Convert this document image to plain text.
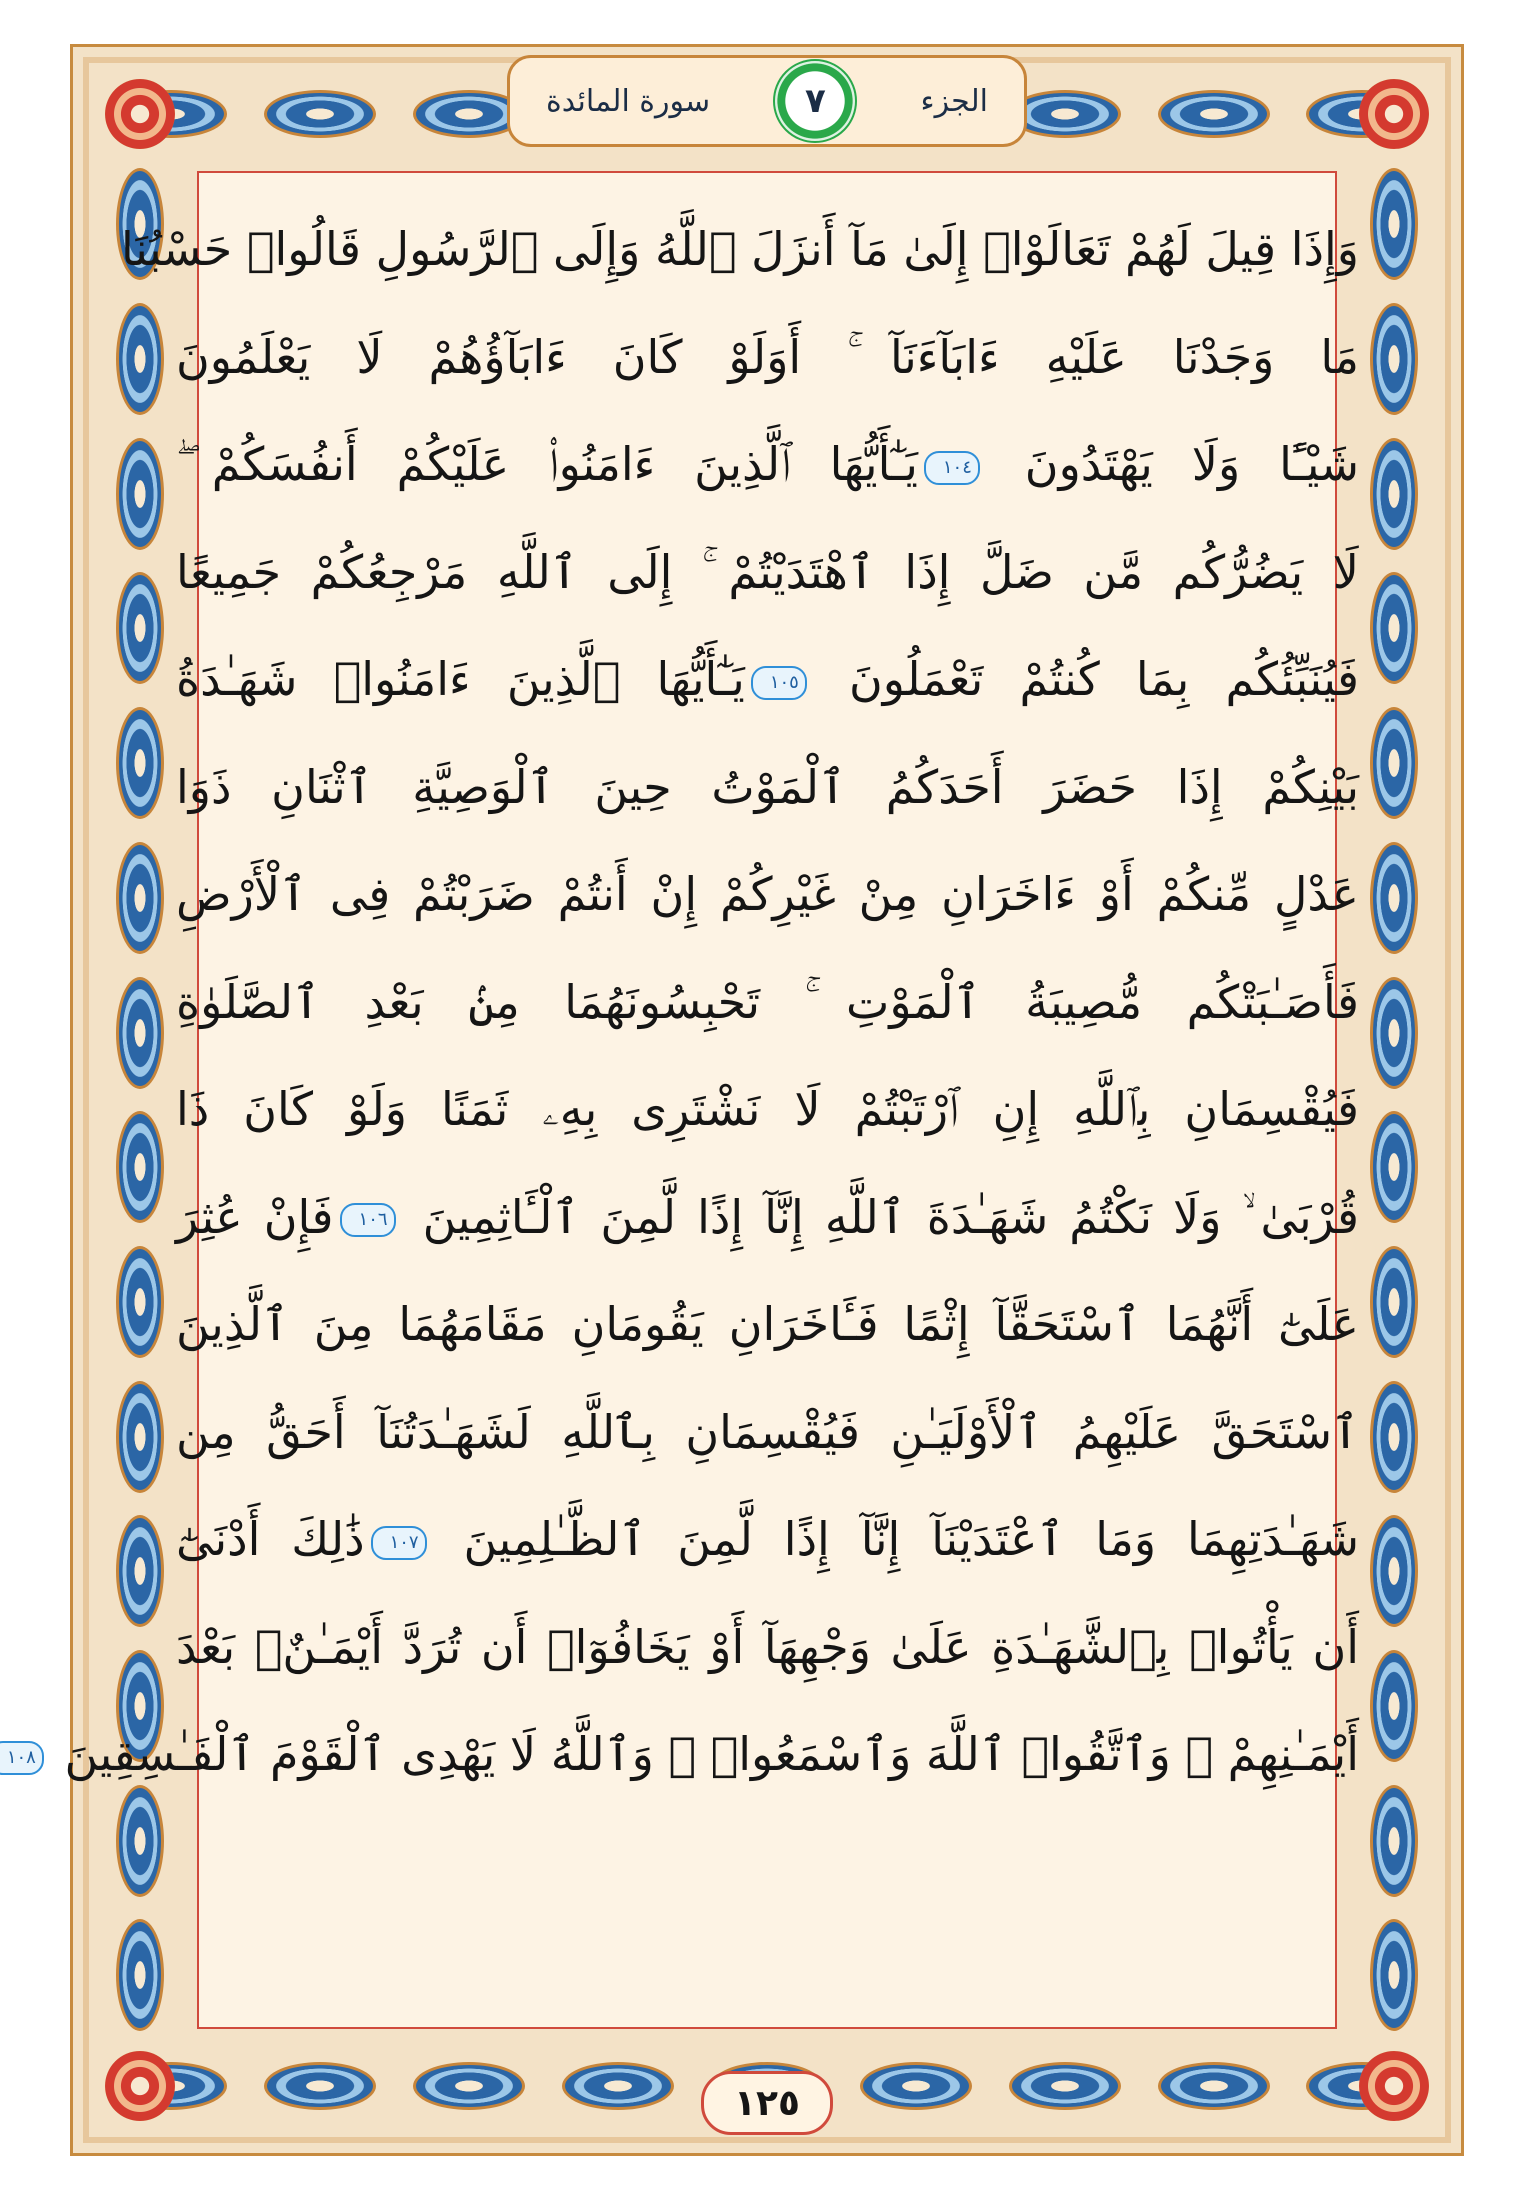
الجزء
٧
سورة المائدة
١٢٥
وَإِذَا قِيلَ لَهُمْ تَعَالَوْا۟ إِلَىٰ مَآ أَنزَلَ ٱللَّهُ وَإِلَى ٱلرَّسُولِ قَالُوا۟ حَسْبُنَا
مَا وَجَدْنَا عَلَيْهِ ءَابَآءَنَآ ۚ أَوَلَوْ كَانَ ءَابَآؤُهُمْ لَا يَعْلَمُونَ
شَيْـًٔا وَلَا يَهْتَدُونَ ١٠٤يَـٰٓأَيُّهَا ٱلَّذِينَ ءَامَنُوا۟ عَلَيْكُمْ أَنفُسَكُمْ ۖ
لَا يَضُرُّكُم مَّن ضَلَّ إِذَا ٱهْتَدَيْتُمْ ۚ إِلَى ٱللَّهِ مَرْجِعُكُمْ جَمِيعًا
فَيُنَبِّئُكُم بِمَا كُنتُمْ تَعْمَلُونَ ١٠٥يَـٰٓأَيُّهَا ٱلَّذِينَ ءَامَنُوا۟ شَهَـٰدَةُ
بَيْنِكُمْ إِذَا حَضَرَ أَحَدَكُمُ ٱلْمَوْتُ حِينَ ٱلْوَصِيَّةِ ٱثْنَانِ ذَوَا
عَدْلٍ مِّنكُمْ أَوْ ءَاخَرَانِ مِنْ غَيْرِكُمْ إِنْ أَنتُمْ ضَرَبْتُمْ فِى ٱلْأَرْضِ
فَأَصَـٰبَتْكُم مُّصِيبَةُ ٱلْمَوْتِ ۚ تَحْبِسُونَهُمَا مِنۢ بَعْدِ ٱلصَّلَوٰةِ
فَيُقْسِمَانِ بِٱللَّهِ إِنِ ٱرْتَبْتُمْ لَا نَشْتَرِى بِهِۦ ثَمَنًا وَلَوْ كَانَ ذَا
قُرْبَىٰ ۙ وَلَا نَكْتُمُ شَهَـٰدَةَ ٱللَّهِ إِنَّآ إِذًا لَّمِنَ ٱلْـَٔاثِمِينَ ١٠٦فَإِنْ عُثِرَ
عَلَىٰٓ أَنَّهُمَا ٱسْتَحَقَّآ إِثْمًا فَـَٔاخَرَانِ يَقُومَانِ مَقَامَهُمَا مِنَ ٱلَّذِينَ
ٱسْتَحَقَّ عَلَيْهِمُ ٱلْأَوْلَيَـٰنِ فَيُقْسِمَانِ بِٱللَّهِ لَشَهَـٰدَتُنَآ أَحَقُّ مِن
شَهَـٰدَتِهِمَا وَمَا ٱعْتَدَيْنَآ إِنَّآ إِذًا لَّمِنَ ٱلظَّـٰلِمِينَ ١٠٧ذَٰلِكَ أَدْنَىٰٓ
أَن يَأْتُوا۟ بِٱلشَّهَـٰدَةِ عَلَىٰ وَجْهِهَآ أَوْ يَخَافُوٓا۟ أَن تُرَدَّ أَيْمَـٰنٌۢ بَعْدَ
أَيْمَـٰنِهِمْ ۗ وَٱتَّقُوا۟ ٱللَّهَ وَٱسْمَعُوا۟ ۗ وَٱللَّهُ لَا يَهْدِى ٱلْقَوْمَ ٱلْفَـٰسِقِينَ ١٠٨
